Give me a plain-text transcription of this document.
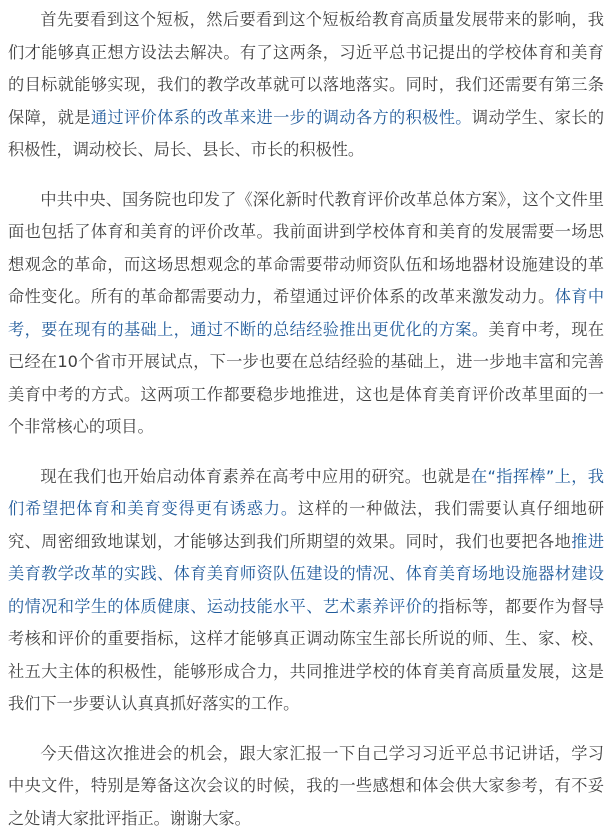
首先要看到这个短板，然后要看到这个短板给教育高质量发展带来的影响，我们才能够真正想方设法去解决。有了这两条，习近平总书记提出的学校体育和美育的目标就能够实现，我们的教学改革就可以落地落实。同时，我们还需要有第三条保障，就是通过评价体系的改革来进一步的调动各方的积极性。调动学生、家长的积极性，调动校长、局长、县长、市长的积极性。

中共中央、国务院也印发了《深化新时代教育评价改革总体方案》，这个文件里面也包括了体育和美育的评价改革。我前面讲到学校体育和美育的发展需要一场思想观念的革命，而这场思想观念的革命需要带动师资队伍和场地器材设施建设的革命性变化。所有的革命都需要动力，希望通过评价体系的改革来激发动力。体育中考，要在现有的基础上，通过不断的总结经验推出更优化的方案。美育中考，现在已经在10个省市开展试点，下一步也要在总结经验的基础上，进一步地丰富和完善美育中考的方式。这两项工作都要稳步地推进，这也是体育美育评价改革里面的一个非常核心的项目。

现在我们也开始启动体育素养在高考中应用的研究。也就是在“指挥棒”上，我们希望把体育和美育变得更有诱惑力。这样的一种做法，我们需要认真仔细地研究、周密细致地谋划，才能够达到我们所期望的效果。同时，我们也要把各地推进美育教学改革的实践、体育美育师资队伍建设的情况、体育美育场地设施器材建设的情况和学生的体质健康、运动技能水平、艺术素养评价的指标等，都要作为督导考核和评价的重要指标，这样才能够真正调动陈宝生部长所说的师、生、家、校、社五大主体的积极性，能够形成合力，共同推进学校的体育美育高质量发展，这是我们下一步要认认真真抓好落实的工作。

今天借这次推进会的机会，跟大家汇报一下自己学习习近平总书记讲话，学习中央文件，特别是筹备这次会议的时候，我的一些感想和体会供大家参考，有不妥之处请大家批评指正。谢谢大家。
